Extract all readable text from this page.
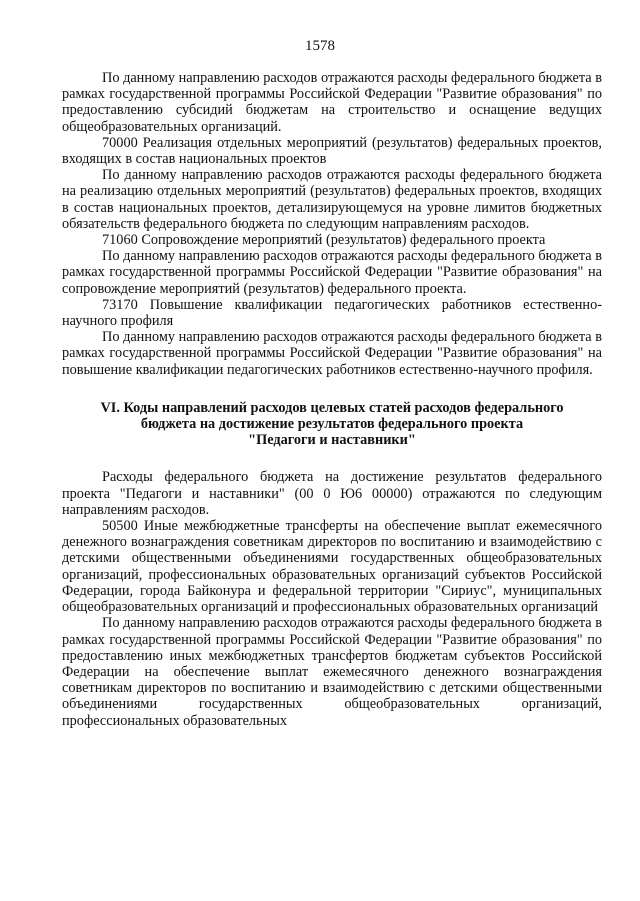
1578

По данному направлению расходов отражаются расходы федерального бюджета в рамках государственной программы Российской Федерации "Развитие образования" по предоставлению субсидий бюджетам на строительство и оснащение ведущих общеобразовательных организаций.

70000 Реализация отдельных мероприятий (результатов) федеральных проектов, входящих в состав национальных проектов

По данному направлению расходов отражаются расходы федерального бюджета на реализацию отдельных мероприятий (результатов) федеральных проектов, входящих в состав национальных проектов, детализирующемуся на уровне лимитов бюджетных обязательств федерального бюджета по следующим направлениям расходов.

71060 Сопровождение мероприятий (результатов) федерального проекта

По данному направлению расходов отражаются расходы федерального бюджета в рамках государственной программы Российской Федерации "Развитие образования" на сопровождение мероприятий (результатов) федерального проекта.

73170 Повышение квалификации педагогических работников естественно-научного профиля

По данному направлению расходов отражаются расходы федерального бюджета в рамках государственной программы Российской Федерации "Развитие образования" на повышение квалификации педагогических работников естественно-научного профиля.

VI. Коды направлений расходов целевых статей расходов федерального
бюджета на достижение результатов федерального проекта
"Педагоги и наставники"

Расходы федерального бюджета на достижение результатов федерального проекта "Педагоги и наставники" (00 0 Ю6 00000) отражаются по следующим направлениям расходов.

50500 Иные межбюджетные трансферты на обеспечение выплат ежемесячного денежного вознаграждения советникам директоров по воспитанию и взаимодействию с детскими общественными объединениями государственных общеобразовательных организаций, профессиональных образовательных организаций субъектов Российской Федерации, города Байконура и федеральной территории "Сириус", муниципальных общеобразовательных организаций и профессиональных образовательных организаций

По данному направлению расходов отражаются расходы федерального бюджета в рамках государственной программы Российской Федерации "Развитие образования" по предоставлению иных межбюджетных трансфертов бюджетам субъектов Российской Федерации на обеспечение выплат ежемесячного денежного вознаграждения советникам директоров по воспитанию и взаимодействию с детскими общественными объединениями государственных общеобразовательных организаций, профессиональных образовательных
